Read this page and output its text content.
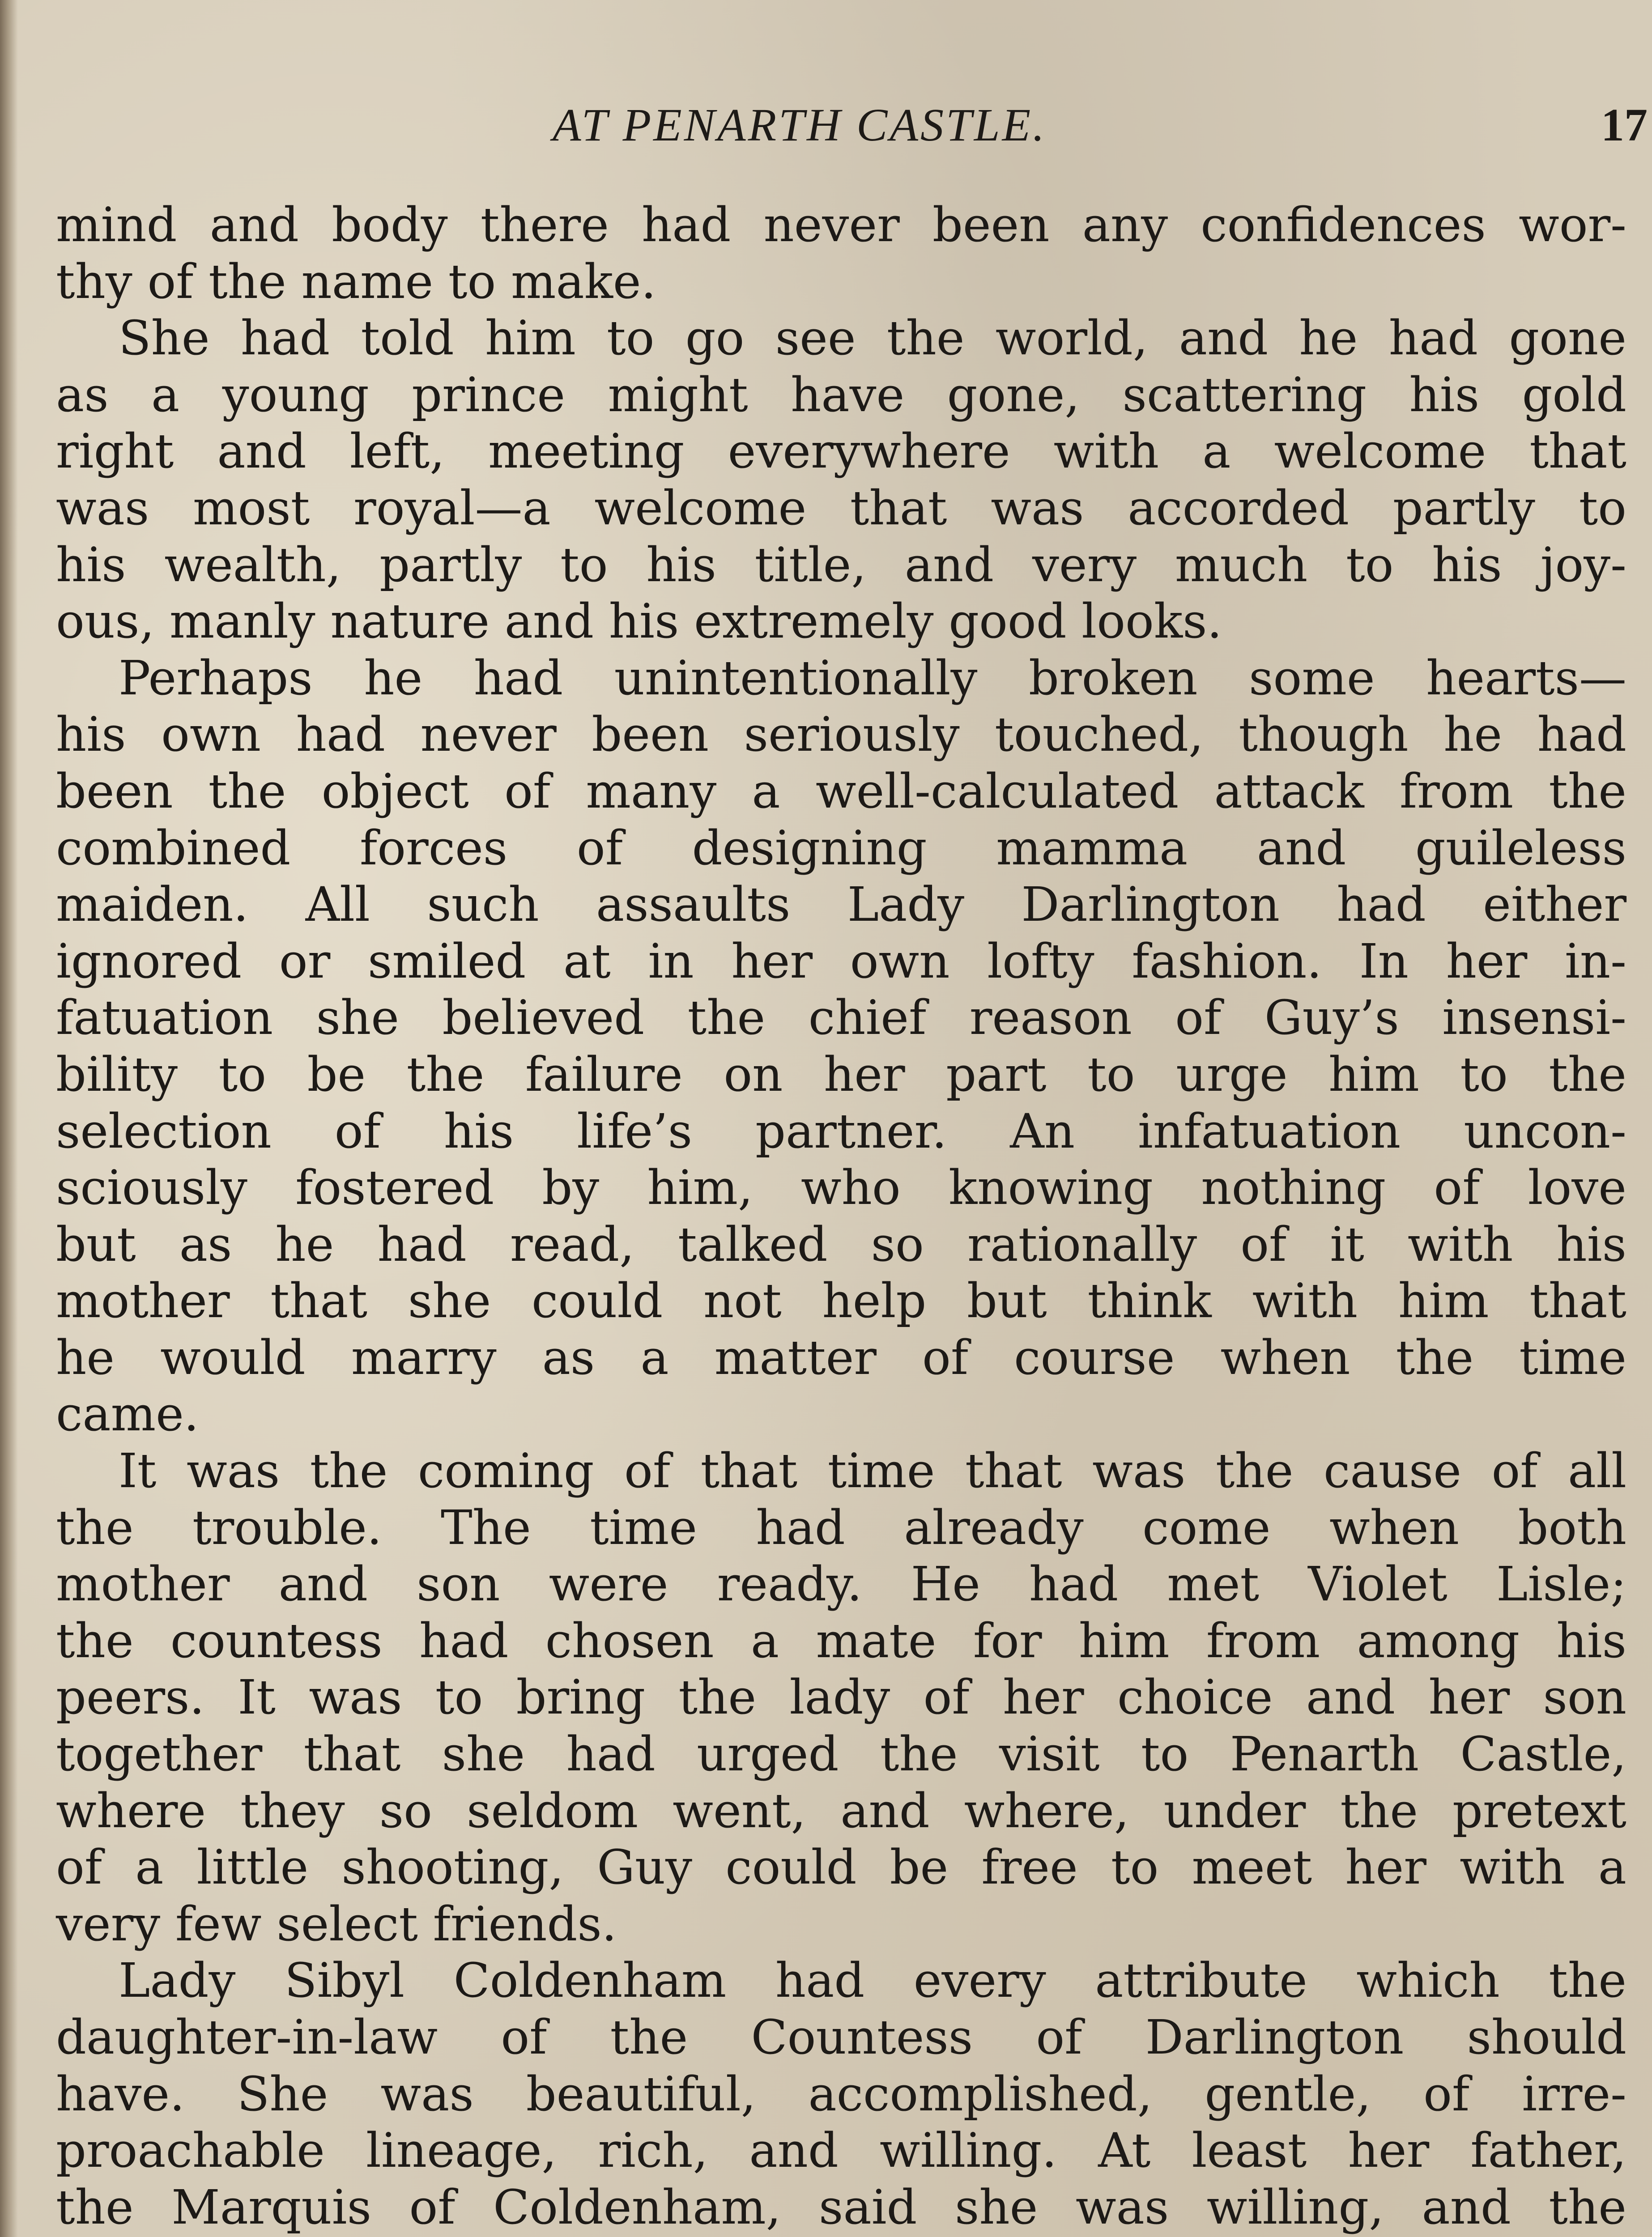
AT PENARTH CASTLE.	17
mind and body there had never been any confidences wor-
thy of the name to make.
She had told him to go see the world, and he had gone
as a young prince might have gone, scattering his gold
right and left, meeting everywhere with a welcome that
was most royal—a welcome that was accorded partly to
his wealth, partly to his title, and very much to his joy-
ous, manly nature and his extremely good looks.
Perhaps he had unintentionally broken some hearts—
his own had never been seriously touched, though he had
been the object of many a well-calculated attack from the
combined forces of designing mamma and guileless
maiden. All such assaults Lady Darlington had either
ignored or smiled at in her own lofty fashion. In her in-
fatuation she believed the chief reason of Guy’s insensi-
bility to be the failure on her part to urge him to the
selection of his life’s partner. An infatuation uncon-
sciously fostered by him, who knowing nothing of love
but as he had read, talked so rationally of it with his
mother that she could not help but think with him that
he would marry as a matter of course when the time
came.
It was the coming of that time that was the cause of all
the trouble. The time had already come when both
mother and son were ready. He had met Violet Lisle;
the countess had chosen a mate for him from among his
peers. It was to bring the lady of her choice and her son
together that she had urged the visit to Penarth Castle,
where they so seldom went, and where, under the pretext
of a little shooting, Guy could be free to meet her with a
very few select friends.
Lady Sibyl Coldenham had every attribute which the
daughter-in-law of the Countess of Darlington should
have. She was beautiful, accomplished, gentle, of irre-
proachable lineage, rich, and willing. At least her father,
the Marquis of Coldenham, said she was willing, and the
